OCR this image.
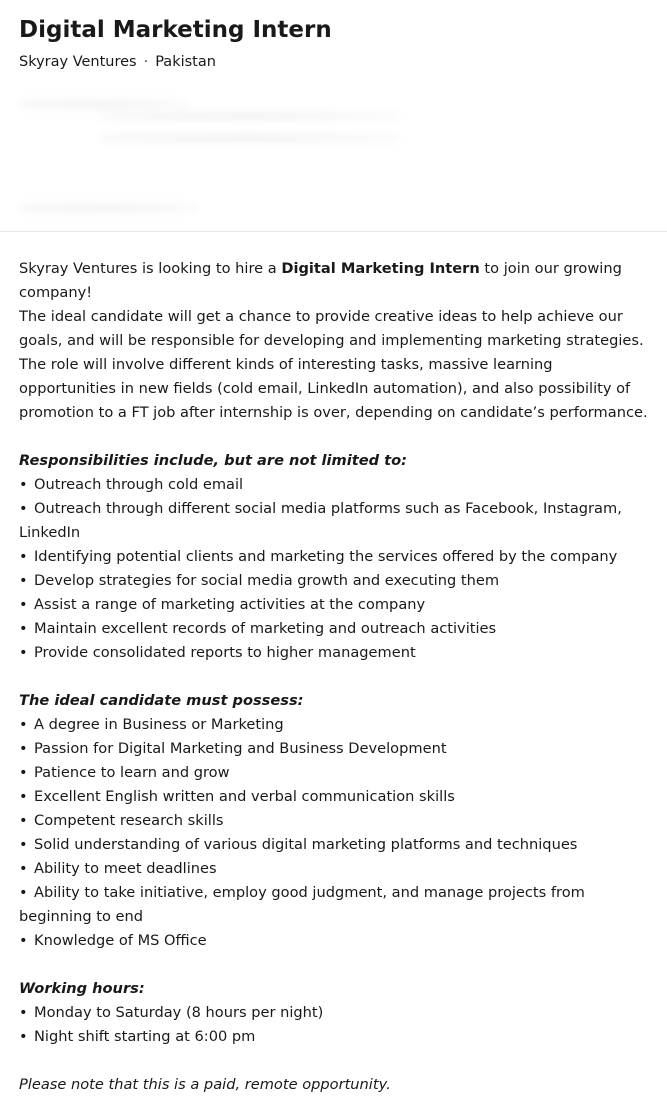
Digital Marketing Intern
Skyray Ventures · Pakistan

Skyray Ventures is looking to hire a Digital Marketing Intern to join our growing company!

The ideal candidate will get a chance to provide creative ideas to help achieve our goals, and will be responsible for developing and implementing marketing strategies. The role will involve different kinds of interesting tasks, massive learning opportunities in new fields (cold email, LinkedIn automation), and also possibility of promotion to a FT job after internship is over, depending on candidate’s performance.

Responsibilities include, but are not limited to:

• Outreach through cold email
• Outreach through different social media platforms such as Facebook, Instagram, LinkedIn
• Identifying potential clients and marketing the services offered by the company
• Develop strategies for social media growth and executing them
• Assist a range of marketing activities at the company
• Maintain excellent records of marketing and outreach activities
• Provide consolidated reports to higher management

The ideal candidate must possess:

• A degree in Business or Marketing
• Passion for Digital Marketing and Business Development
• Patience to learn and grow
• Excellent English written and verbal communication skills
• Competent research skills
• Solid understanding of various digital marketing platforms and techniques
• Ability to meet deadlines
• Ability to take initiative, employ good judgment, and manage projects from beginning to end
• Knowledge of MS Office

Working hours:

• Monday to Saturday (8 hours per night)
• Night shift starting at 6:00 pm

Please note that this is a paid, remote opportunity.
